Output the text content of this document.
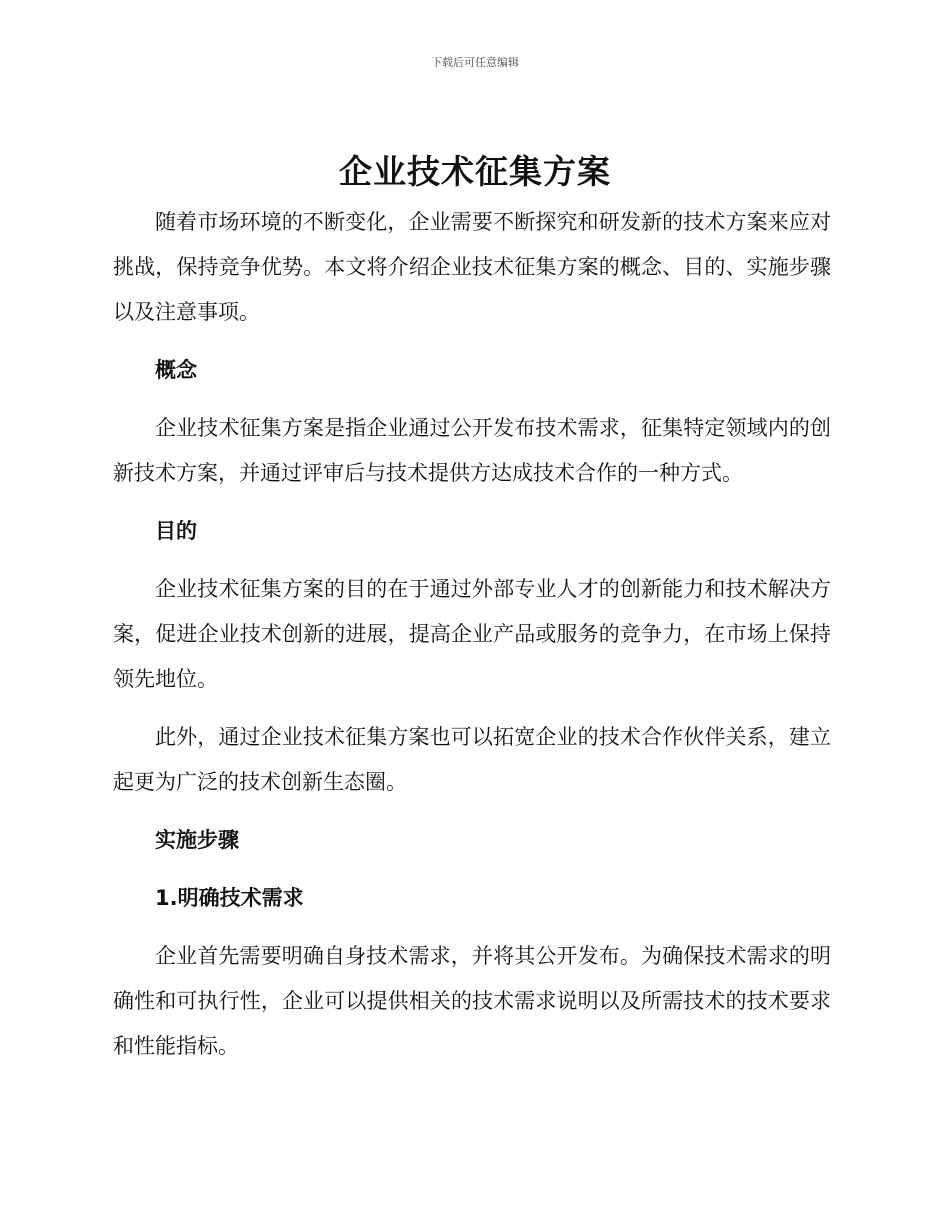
下载后可任意编辑
企业技术征集方案

随着市场环境的不断变化，企业需要不断探究和研发新的技术方案来应对挑战，保持竞争优势。本文将介绍企业技术征集方案的概念、目的、实施步骤以及注意事项。

概念

企业技术征集方案是指企业通过公开发布技术需求，征集特定领域内的创新技术方案，并通过评审后与技术提供方达成技术合作的一种方式。

目的

企业技术征集方案的目的在于通过外部专业人才的创新能力和技术解决方案，促进企业技术创新的进展，提高企业产品或服务的竞争力，在市场上保持领先地位。

此外，通过企业技术征集方案也可以拓宽企业的技术合作伙伴关系，建立起更为广泛的技术创新生态圈。

实施步骤

1.明确技术需求

企业首先需要明确自身技术需求，并将其公开发布。为确保技术需求的明确性和可执行性，企业可以提供相关的技术需求说明以及所需技术的技术要求和性能指标。
